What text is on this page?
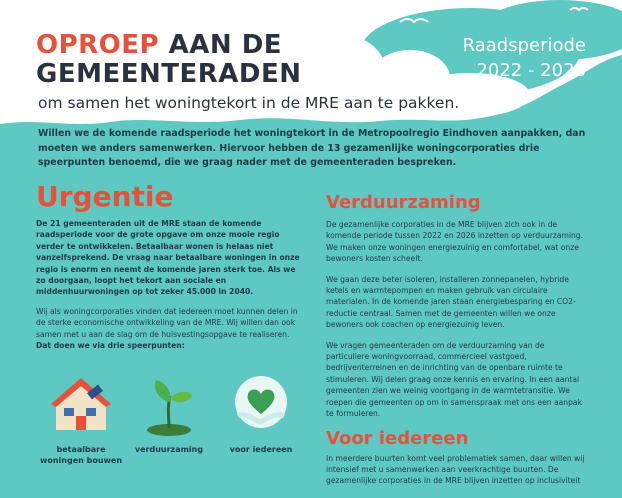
OPROEP AAN DE
GEMEENTERADEN
om samen het woningtekort in de MRE aan te pakken.
Raadsperiode
2022 - 2026
Willen we de komende raadsperiode het woningtekort in de Metropoolregio Eindhoven aanpakken, dan moeten we anders samenwerken. Hiervoor hebben de 13 gezamenlijke woningcorporaties drie speerpunten benoemd, die we graag nader met de gemeenteraden bespreken.
Urgentie
De 21 gemeenteraden uit de MRE staan de komende raadsperiode voor de grote opgave om onze mooie regio verder te ontwikkelen. Betaalbaar wonen is helaas niet vanzelfsprekend. De vraag naar betaalbare woningen in onze regio is enorm en neemt de komende jaren sterk toe. Als we zo doorgaan, loopt het tekort aan sociale en middenhuurwoningen op tot zeker 45.000 in 2040.
Wij als woningcorporaties vinden dat iedereen moet kunnen delen in de sterke economische ontwikkeling van de MRE. Wij willen dan ook samen met u aan de slag om de huisvestingsopgave te realiseren.
Dat doen we via drie speerpunten:
betaalbare woningen bouwen
verduurzaming	voor iedereen
Verduurzaming
De gezamenlijke corporaties in de MRE blijven zich ook in de komende periode tussen 2022 en 2026 inzetten op verduurzaming. We maken onze woningen energiezuinig en comfortabel, wat onze bewoners kosten scheelt.
We gaan deze beter isoleren, installeren zonnepanelen, hybride ketels en warmtepompen en maken gebruik van circulaire materialen. In de komende jaren staan energiebesparing en CO2-reductie centraal. Samen met de gemeenten willen we onze bewoners ook coachen op energiezuinig leven.
We vragen gemeenteraden om de verduurzaming van de particuliere woningvoorraad, commercieel vastgoed, bedrijventerreinen en de inrichting van de openbare ruimte te stimuleren. Wij delen graag onze kennis en ervaring. In een aantal gemeenten zien we weinig voortgang in de warmtetransitie. We roepen die gemeenten op om in samenspraak met ons een aanpak te formuleren.
Voor iedereen
In meerdere buurten komt veel problematiek samen, daar willen wij intensief met u samenwerken aan veerkrachtige buurten. De gezamenlijke corporaties in de MRE blijven inzetten op inclusiviteit
